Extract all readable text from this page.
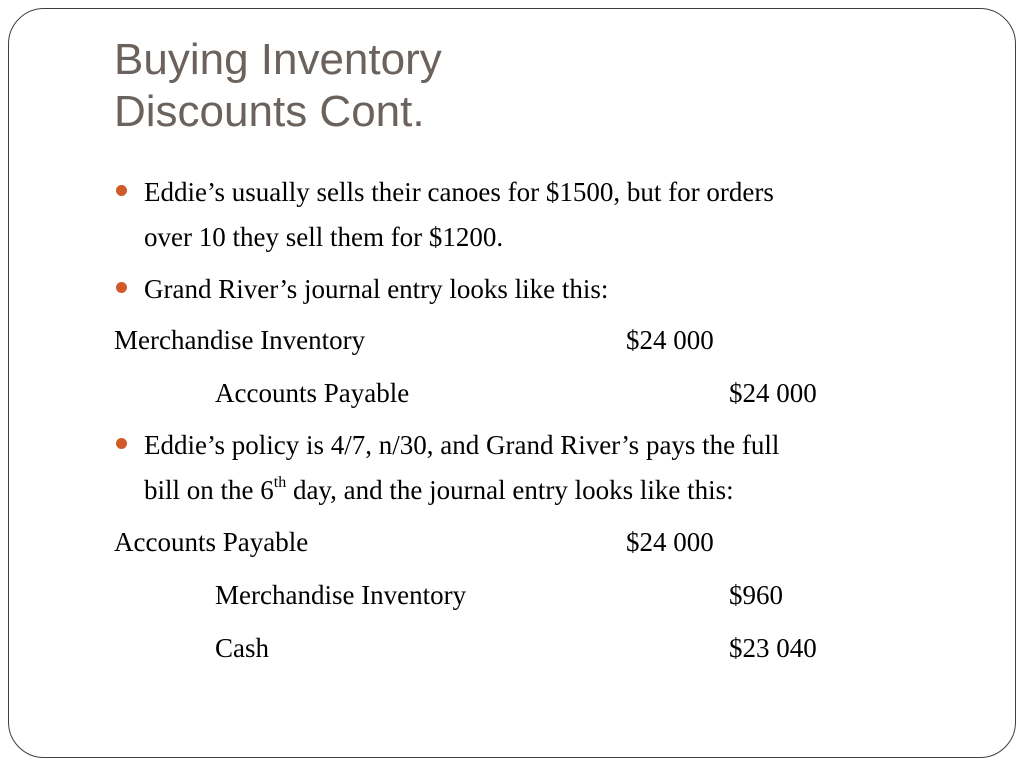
Buying Inventory
Discounts Cont.
Eddie’s usually sells their canoes for $1500, but for orders
over 10 they sell them for $1200.
Grand River’s journal entry looks like this:
Merchandise Inventory	$24 000
Accounts Payable	$24 000
Eddie’s policy is 4/7, n/30, and Grand River’s pays the full
bill on the 6th day, and the journal entry looks like this:
Accounts Payable	$24 000
Merchandise Inventory	$960
Cash	$23 040
